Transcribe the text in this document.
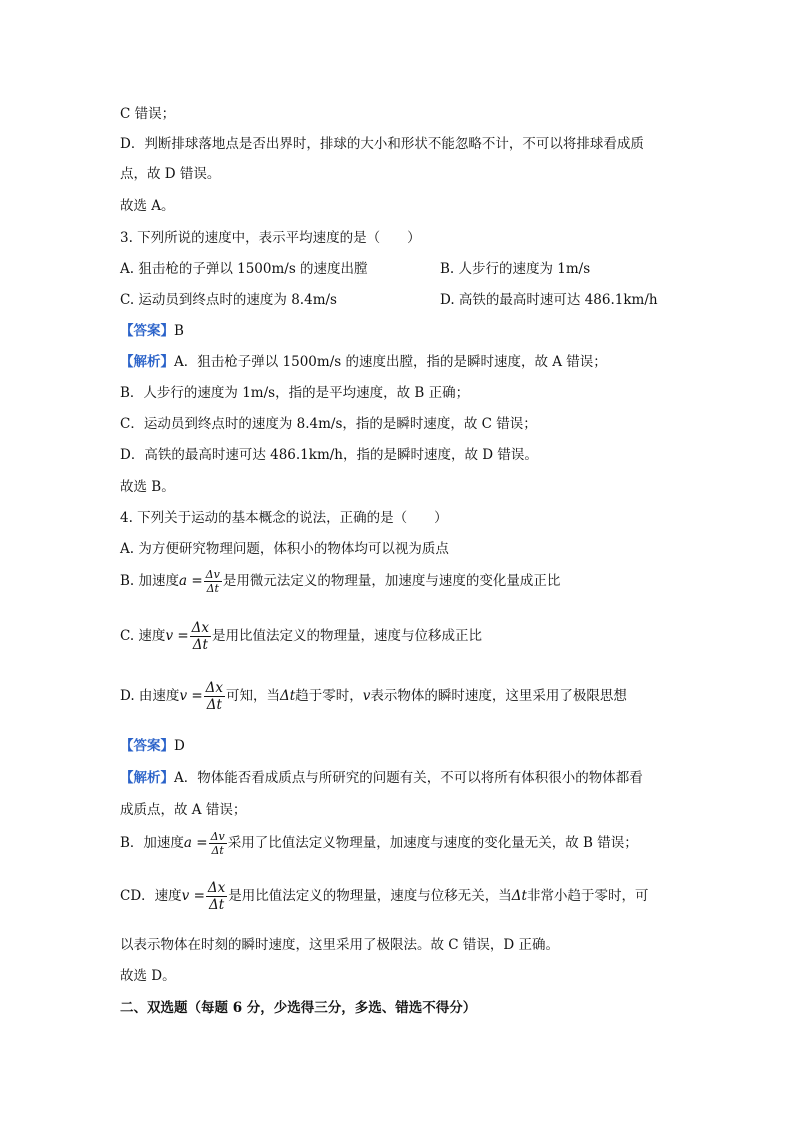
C 错误；
D．判断排球落地点是否出界时，排球的大小和形状不能忽略不计，不可以将排球看成质
点，故 D 错误。
故选 A。
3. 下列所说的速度中，表示平均速度的是（　　）
A. 狙击枪的子弹以 1500m/s 的速度出膛	B. 人步行的速度为 1m/s
C. 运动员到终点时的速度为 8.4m/s	D. 高铁的最高时速可达 486.1km/h
【答案】B
【解析】A．狙击枪子弹以 1500m/s 的速度出膛，指的是瞬时速度，故 A 错误；
B．人步行的速度为 1m/s，指的是平均速度，故 B 正确；
C．运动员到终点时的速度为 8.4m/s，指的是瞬时速度，故 C 错误；
D．高铁的最高时速可达 486.1km/h，指的是瞬时速度，故 D 错误。
故选 B。
4. 下列关于运动的基本概念的说法，正确的是（　　）
A. 为方便研究物理问题，体积小的物体均可以视为质点
B. 加速度$a = \frac{\Delta v}{\Delta t}$ 是用微元法定义的物理量，加速度与速度的变化量成正比
C. 速度$v = \frac{\Delta x}{\Delta t}$ 是用比值法定义的物理量，速度与位移成正比
D. 由速度$v = \frac{\Delta x}{\Delta t}$ 可知，当Δt趋于零时，v表示物体的瞬时速度，这里采用了极限思想
【答案】D
【解析】A．物体能否看成质点与所研究的问题有关，不可以将所有体积很小的物体都看
成质点，故 A 错误；
B．加速度$a = \frac{\Delta v}{\Delta t}$ 采用了比值法定义物理量，加速度与速度的变化量无关，故 B 错误；
CD．速度$v = \frac{\Delta x}{\Delta t}$ 是用比值法定义的物理量，速度与位移无关，当Δt非常小趋于零时，可
以表示物体在时刻的瞬时速度，这里采用了极限法。故 C 错误，D 正确。
故选 D。
二、双选题（每题 6 分，少选得三分，多选、错选不得分）
